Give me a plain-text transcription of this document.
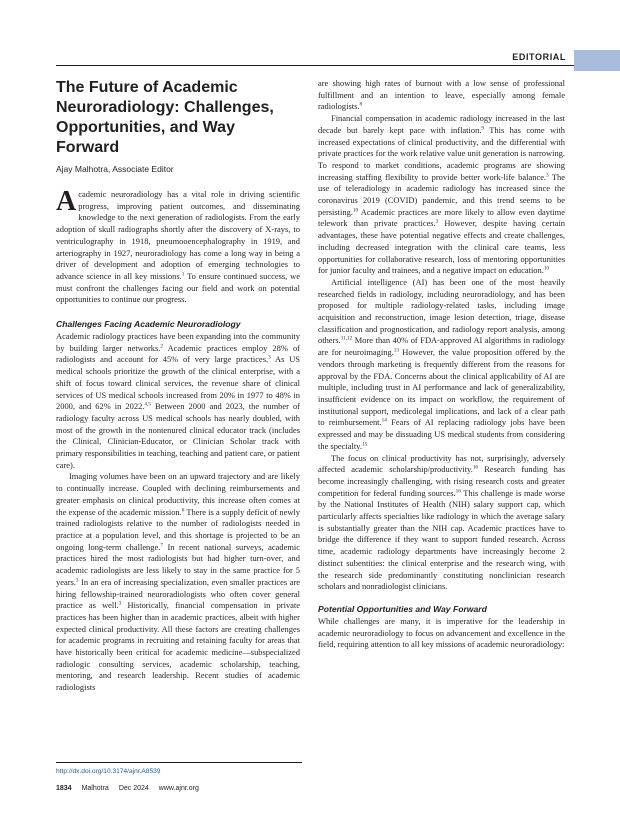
EDITORIAL
The Future of Academic Neuroradiology: Challenges, Opportunities, and Way Forward
Ajay Malhotra, Associate Editor

Academic neuroradiology has a vital role in driving scientific progress, improving patient outcomes, and disseminating knowledge to the next generation of radiologists. From the early adoption of skull radiographs shortly after the discovery of X-rays, to ventriculography in 1918, pneumooencephalography in 1919, and arteriography in 1927, neuroradiology has come a long way in being a driver of development and adoption of emerging technologies to advance science in all key missions.$^1$ To ensure continued success, we must confront the challenges facing our field and work on potential opportunities to continue our progress.

Challenges Facing Academic Neuroradiology

Academic radiology practices have been expanding into the community by building larger networks.$^2$ Academic practices employ 28% of radiologists and account for 45% of very large practices.$^3$ As US medical schools prioritize the growth of the clinical enterprise, with a shift of focus toward clinical services, the revenue share of clinical services of US medical schools increased from 20% in 1977 to 48% in 2000, and 62% in 2022.$^{4,5}$ Between 2000 and 2023, the number of radiology faculty across US medical schools has nearly doubled, with most of the growth in the nontenured clinical educator track (includes the Clinical, Clinician-Educator, or Clinician Scholar track with primary responsibilities in teaching, teaching and patient care, or patient care).

Imaging volumes have been on an upward trajectory and are likely to continually increase. Coupled with declining reimbursements and greater emphasis on clinical productivity, this increase often comes at the expense of the academic mission.$^6$ There is a supply deficit of newly trained radiologists relative to the number of radiologists needed in practice at a population level, and this shortage is projected to be an ongoing long-term challenge.$^7$ In recent national surveys, academic practices hired the most radiologists but had higher turn-over, and academic radiologists are less likely to stay in the same practice for 5 years.$^3$ In an era of increasing specialization, even smaller practices are hiring fellowship-trained neuroradiologists who often cover general practice as well.$^3$ Historically, financial compensation in private practices has been higher than in academic practices, albeit with higher expected clinical productivity. All these factors are creating challenges for academic programs in recruiting and retaining faculty for areas that have historically been critical for academic medicine—subspecialized radiologic consulting services, academic scholarship, teaching, mentoring, and research leadership. Recent studies of academic radiologists

are showing high rates of burnout with a low sense of professional fulfillment and an intention to leave, especially among female radiologists.$^8$

Financial compensation in academic radiology increased in the last decade but barely kept pace with inflation.$^9$ This has come with increased expectations of clinical productivity, and the differential with private practices for the work relative value unit generation is narrowing. To respond to market conditions, academic programs are showing increasing staffing flexibility to provide better work-life balance.$^3$ The use of teleradiology in academic radiology has increased since the coronavirus 2019 (COVID) pandemic, and this trend seems to be persisting.$^{10}$ Academic practices are more likely to allow even daytime telework than private practices.$^3$ However, despite having certain advantages, these have potential negative effects and create challenges, including decreased integration with the clinical care teams, less opportunities for collaborative research, loss of mentoring opportunities for junior faculty and trainees, and a negative impact on education.$^{10}$

Artificial intelligence (AI) has been one of the most heavily researched fields in radiology, including neuroradiology, and has been proposed for multiple radiology-related tasks, including image acquisition and reconstruction, image lesion detection, triage, disease classification and prognostication, and radiology report analysis, among others.$^{11,12}$ More than 40% of FDA-approved AI algorithms in radiology are for neuroimaging.$^{13}$ However, the value proposition offered by the vendors through marketing is frequently different from the reasons for approval by the FDA. Concerns about the clinical applicability of AI are multiple, including trust in AI performance and lack of generalizability, insufficient evidence on its impact on workflow, the requirement of institutional support, medicolegal implications, and lack of a clear path to reimbursement.$^{14}$ Fears of AI replacing radiology jobs have been expressed and may be dissuading US medical students from considering the specialty.$^{15}$

The focus on clinical productivity has not, surprisingly, adversely affected academic scholarship/productivity.$^{16}$ Research funding has become increasingly challenging, with rising research costs and greater competition for federal funding sources.$^{16}$ This challenge is made worse by the National Institutes of Health (NIH) salary support cap, which particularly affects specialties like radiology in which the average salary is substantially greater than the NIH cap. Academic practices have to bridge the difference if they want to support funded research. Across time, academic radiology departments have increasingly become 2 distinct subentities: the clinical enterprise and the research wing, with the research side predominantly constituting nonclinician research scholars and nonradiologist clinicians.

Potential Opportunities and Way Forward

While challenges are many, it is imperative for the leadership in academic neuroradiology to focus on advancement and excellence in the field, requiring attention to all key missions of academic neuroradiology:

http://dx.doi.org/10.3174/ajnr.A8539
1834 Malhotra Dec 2024 www.ajnr.org
